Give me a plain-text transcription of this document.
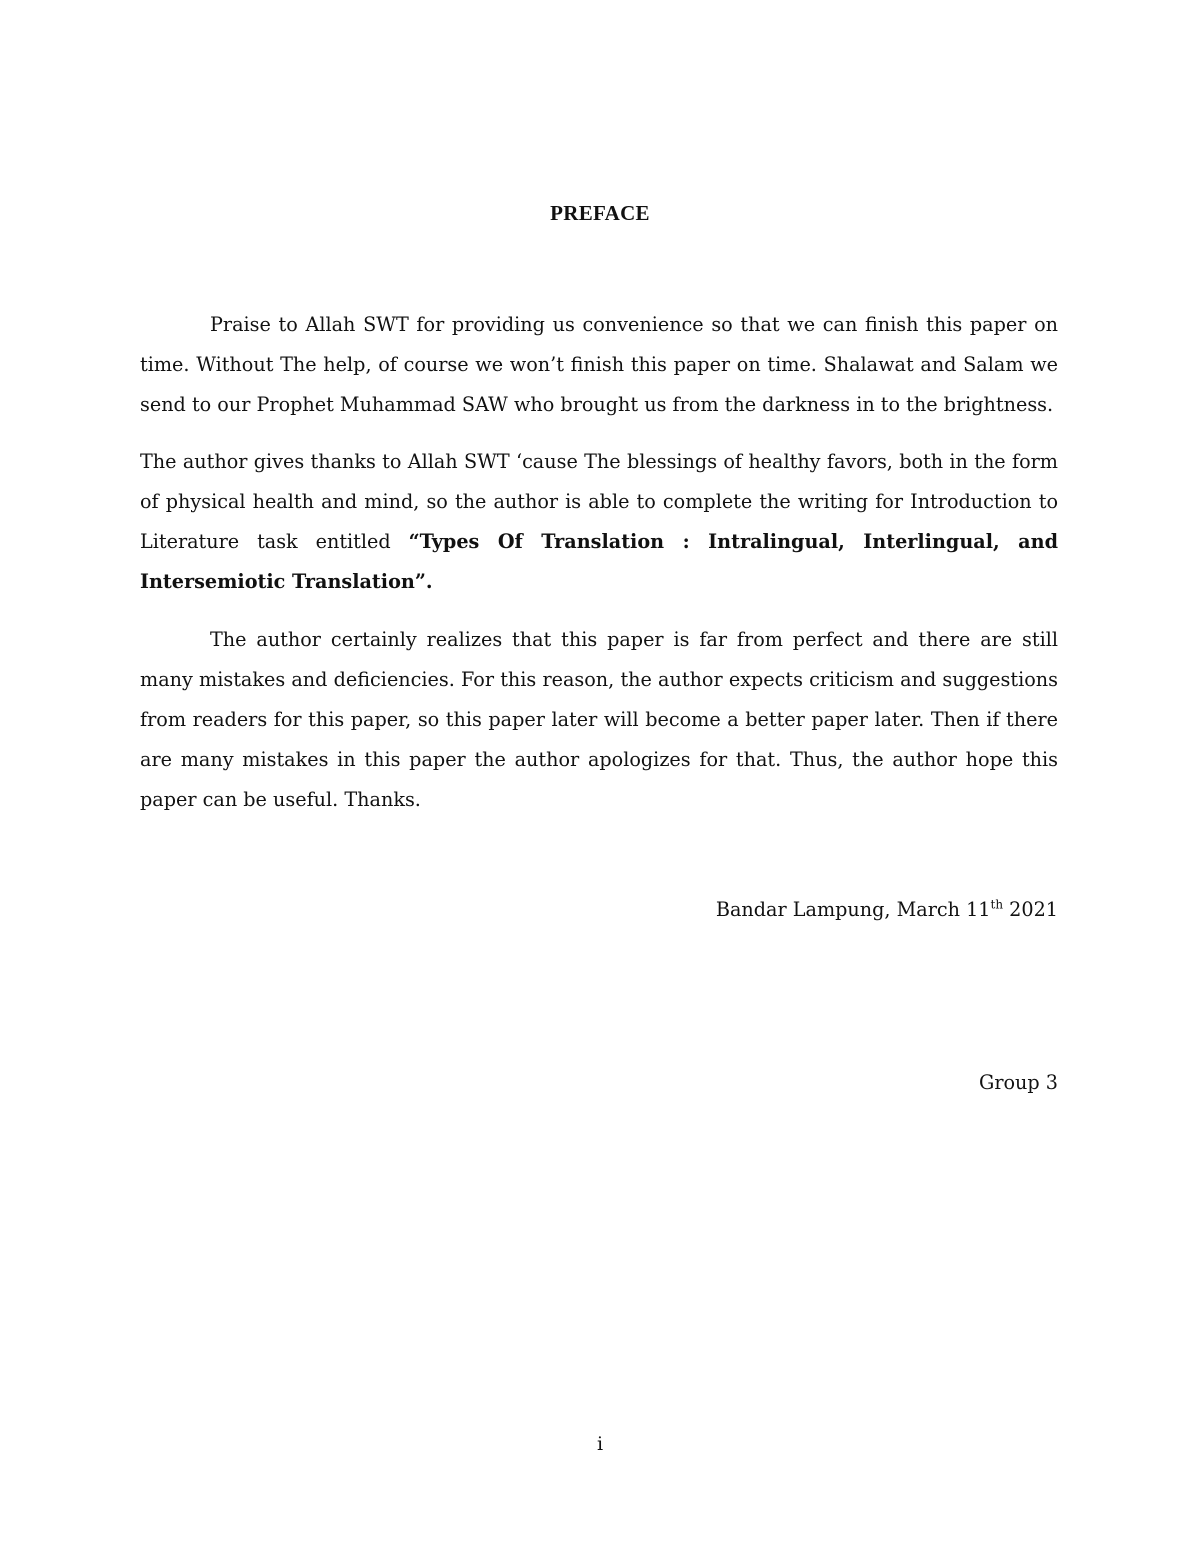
PREFACE

Praise to Allah SWT for providing us convenience so that we can finish this paper on time. Without The help, of course we won’t finish this paper on time. Shalawat and Salam we send to our Prophet Muhammad SAW who brought us from the darkness in to the brightness.

The author gives thanks to Allah SWT ‘cause The blessings of healthy favors, both in the form of physical health and mind, so the author is able to complete the writing for Introduction to Literature task entitled “Types Of Translation : Intralingual, Interlingual, and Intersemiotic Translation”.

The author certainly realizes that this paper is far from perfect and there are still many mistakes and deficiencies. For this reason, the author expects criticism and suggestions from readers for this paper, so this paper later will become a better paper later. Then if there are many mistakes in this paper the author apologizes for that. Thus, the author hope this paper can be useful. Thanks.

Bandar Lampung, March 11th 2021
Group 3
i
